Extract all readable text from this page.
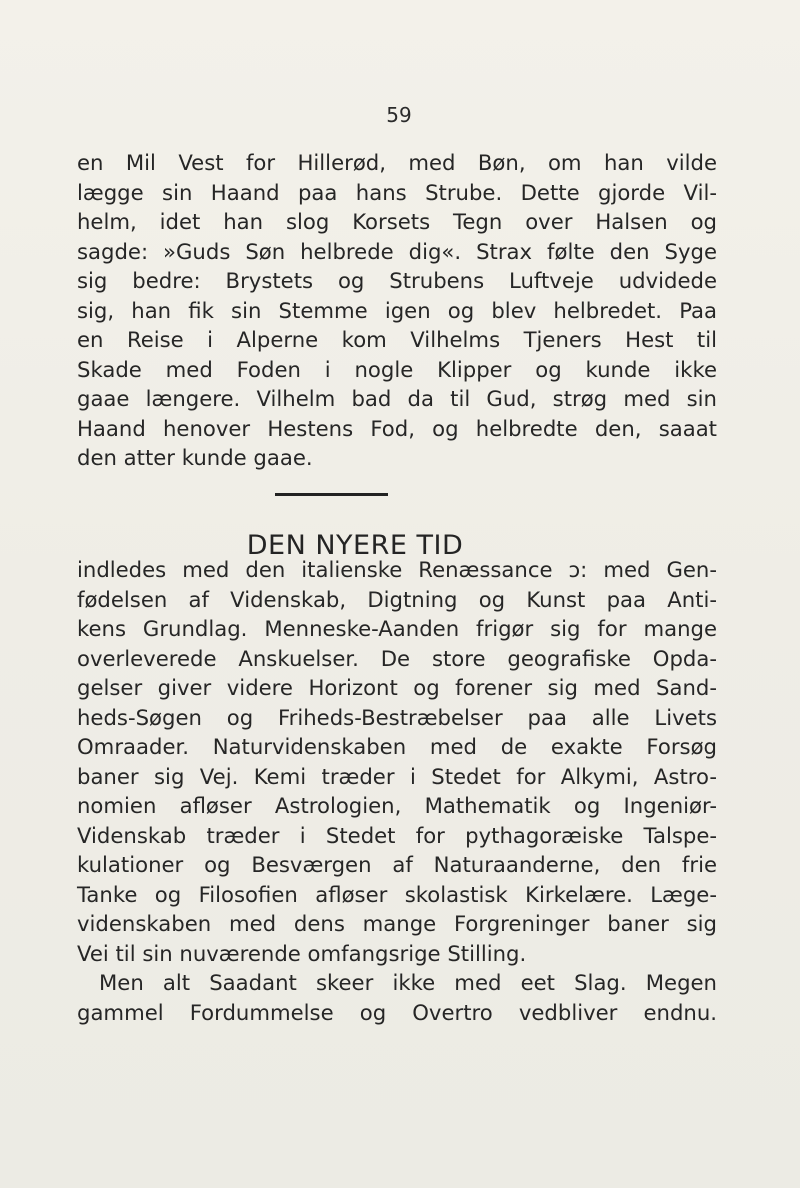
59
en Mil Vest for Hillerød, med Bøn, om han vilde
lægge sin Haand paa hans Strube. Dette gjorde Vil-
helm, idet han slog Korsets Tegn over Halsen og
sagde: »Guds Søn helbrede dig«. Strax følte den Syge
sig bedre: Brystets og Strubens Luftveje udvidede
sig, han fik sin Stemme igen og blev helbredet. Paa
en Reise i Alperne kom Vilhelms Tjeners Hest til
Skade med Foden i nogle Klipper og kunde ikke
gaae længere. Vilhelm bad da til Gud, strøg med sin
Haand henover Hestens Fod, og helbredte den, saaat
den atter kunde gaae.
DEN NYERE TID
indledes med den italienske Renæssance ɔ: med Gen-
fødelsen af Videnskab, Digtning og Kunst paa Anti-
kens Grundlag. Menneske-Aanden frigør sig for mange
overleverede Anskuelser. De store geografiske Opda-
gelser giver videre Horizont og forener sig med Sand-
heds-Søgen og Friheds-Bestræbelser paa alle Livets
Omraader. Naturvidenskaben med de exakte Forsøg
baner sig Vej. Kemi træder i Stedet for Alkymi, Astro-
nomien afløser Astrologien, Mathematik og Ingeniør-
Videnskab træder i Stedet for pythagoræiske Talspe-
kulationer og Besværgen af Naturaanderne, den frie
Tanke og Filosofien afløser skolastisk Kirkelære. Læge-
videnskaben med dens mange Forgreninger baner sig
Vei til sin nuværende omfangsrige Stilling.
Men alt Saadant skeer ikke med eet Slag. Megen
gammel Fordummelse og Overtro vedbliver endnu.
